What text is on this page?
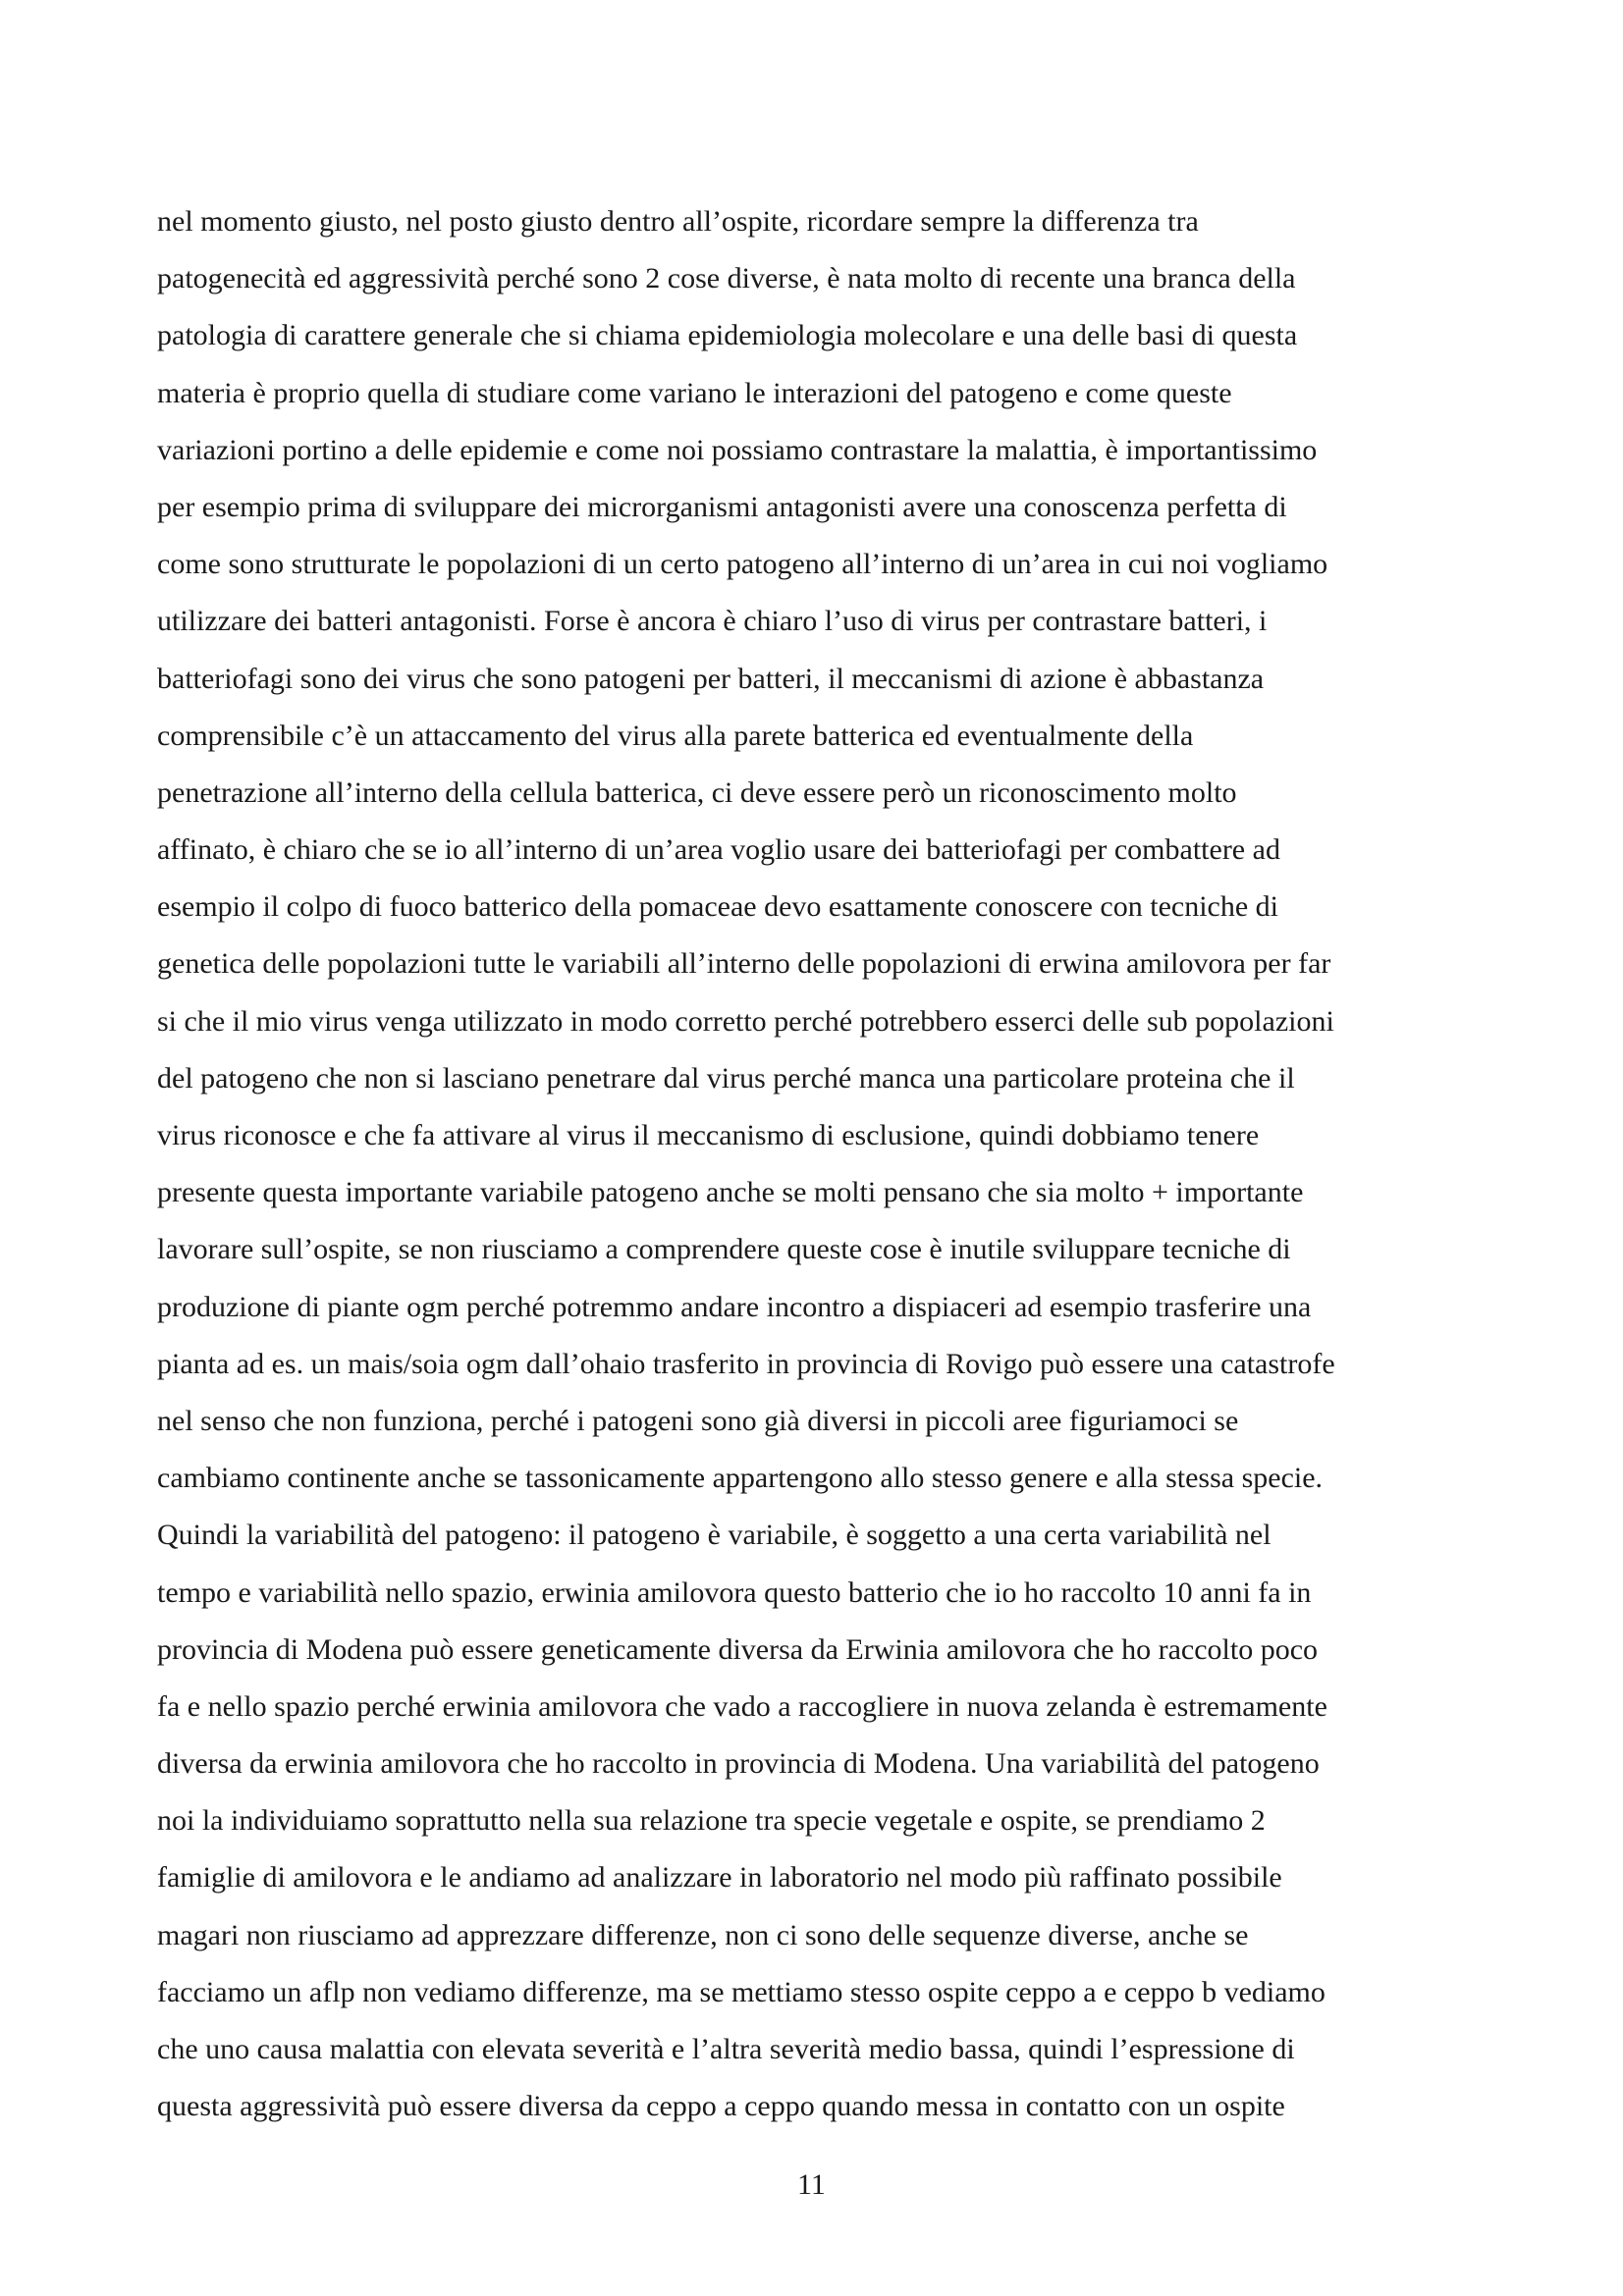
nel momento giusto, nel posto giusto dentro all’ospite, ricordare sempre la differenza tra
patogenecità ed aggressività perché sono 2 cose diverse, è nata molto di recente una branca della
patologia di carattere generale che si chiama epidemiologia molecolare e una delle basi di questa
materia è proprio quella di studiare come variano le interazioni del patogeno e come queste
variazioni portino a delle epidemie e come noi possiamo contrastare la malattia, è importantissimo
per esempio prima di sviluppare dei microrganismi antagonisti avere una conoscenza perfetta di
come sono strutturate le popolazioni di un certo patogeno all’interno di un’area in cui noi vogliamo
utilizzare dei batteri antagonisti. Forse è ancora è chiaro l’uso di virus per contrastare batteri, i
batteriofagi sono dei virus che sono patogeni per batteri, il meccanismi di azione è abbastanza
comprensibile c’è un attaccamento del virus alla parete batterica ed eventualmente della
penetrazione all’interno della cellula batterica, ci deve essere però un riconoscimento molto
affinato, è chiaro che se io all’interno di un’area voglio usare dei batteriofagi per combattere ad
esempio il colpo di fuoco batterico della pomaceae devo esattamente conoscere con tecniche di
genetica delle popolazioni tutte le variabili all’interno delle popolazioni di erwina amilovora per far
si che il mio virus venga utilizzato in modo corretto perché potrebbero esserci delle sub popolazioni
del patogeno che non si lasciano penetrare dal virus perché manca una particolare proteina che il
virus riconosce e che fa attivare al virus il meccanismo di esclusione, quindi dobbiamo tenere
presente questa importante variabile patogeno anche se molti pensano che sia molto + importante
lavorare sull’ospite, se non riusciamo a comprendere queste cose è inutile sviluppare tecniche di
produzione di piante ogm perché potremmo andare incontro a dispiaceri ad esempio trasferire una
pianta ad es. un mais/soia ogm dall’ohaio trasferito in provincia di Rovigo può essere una catastrofe
nel senso che non funziona, perché i patogeni sono già diversi in piccoli aree figuriamoci se
cambiamo continente anche se tassonicamente appartengono allo stesso genere e alla stessa specie.
Quindi la variabilità del patogeno: il patogeno è variabile, è soggetto a una certa variabilità nel
tempo e variabilità nello spazio, erwinia amilovora questo batterio che io ho raccolto 10 anni fa in
provincia di Modena può essere geneticamente diversa da Erwinia amilovora che ho raccolto poco
fa e nello spazio perché erwinia amilovora che vado a raccogliere in nuova zelanda è estremamente
diversa da erwinia amilovora che ho raccolto in provincia di Modena. Una variabilità del patogeno
noi la individuiamo soprattutto nella sua relazione tra specie vegetale e ospite, se prendiamo 2
famiglie di amilovora e le andiamo ad analizzare in laboratorio nel modo più raffinato possibile
magari non riusciamo ad apprezzare differenze, non ci sono delle sequenze diverse, anche se
facciamo un aflp non vediamo differenze, ma se mettiamo stesso ospite ceppo a e ceppo b vediamo
che uno causa malattia con elevata severità e l’altra severità medio bassa, quindi l’espressione di
questa aggressività può essere diversa da ceppo a ceppo quando messa in contatto con un ospite
11
